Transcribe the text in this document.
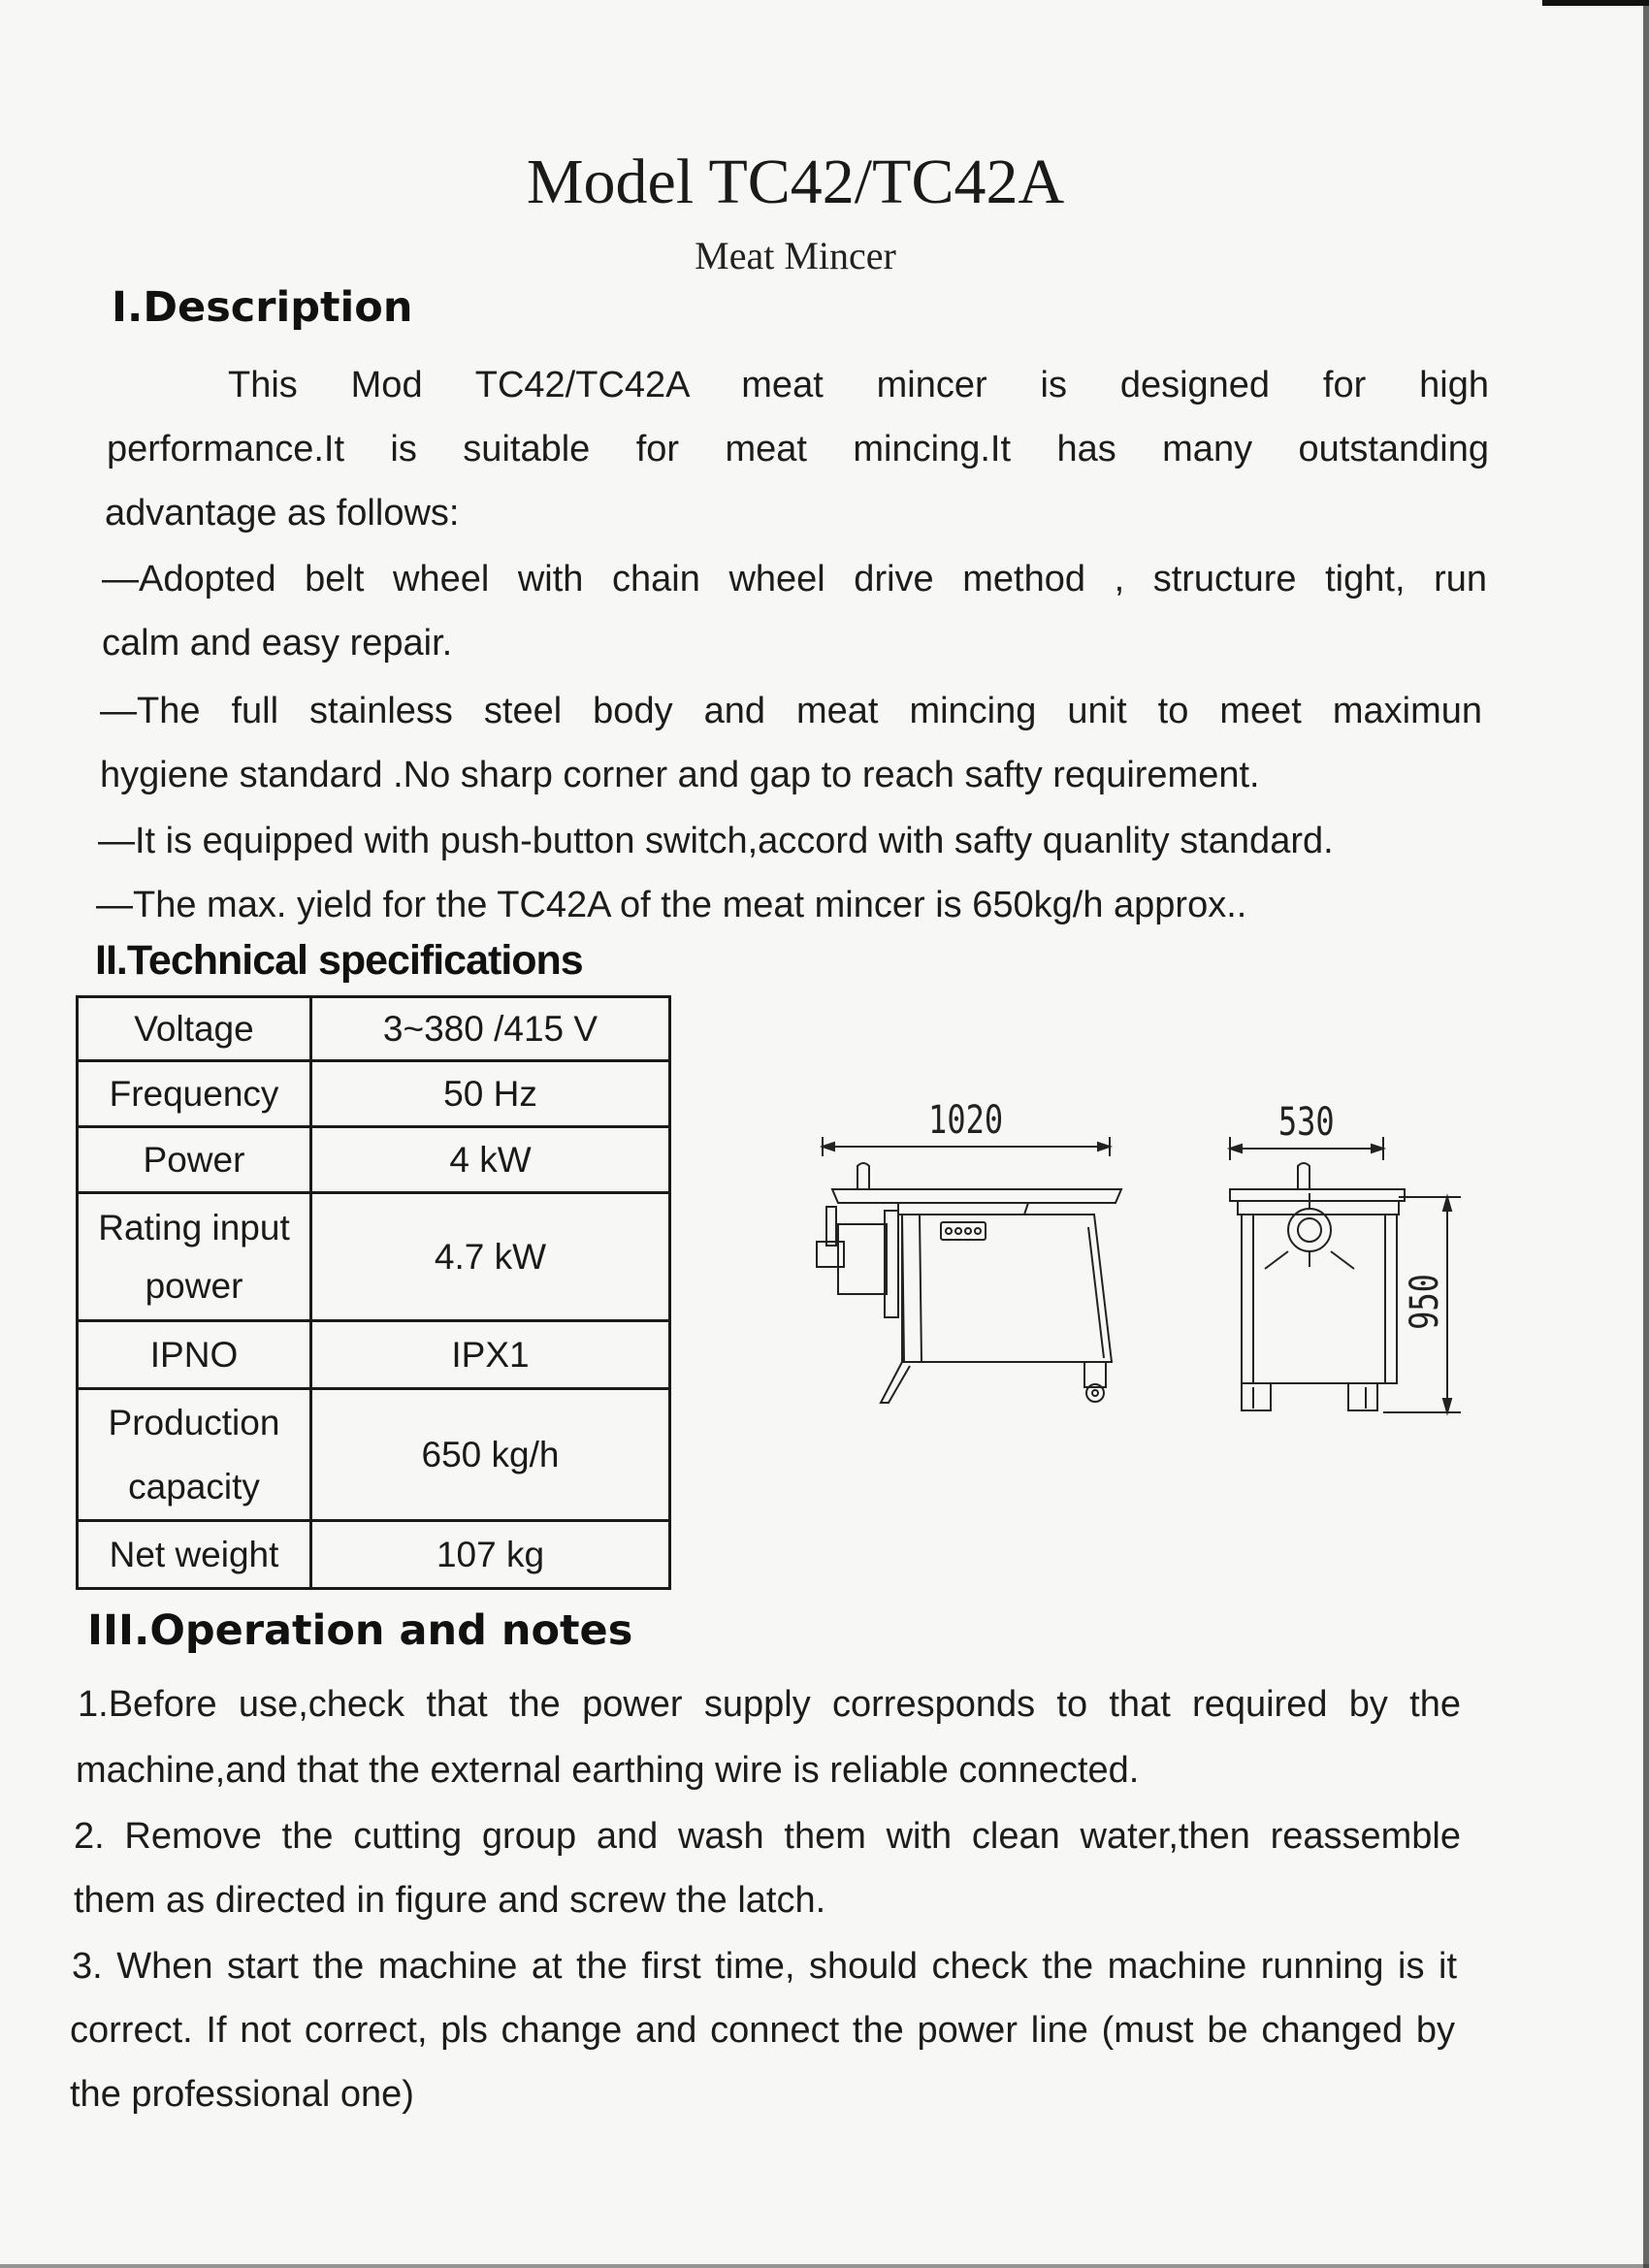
Model TC42/TC42A
Meat Mincer
I.Description
This Mod TC42/TC42A meat mincer is designed for high
performance.It is suitable for meat mincing.It has many outstanding
advantage as follows:
—Adopted belt wheel with chain wheel drive method , structure tight, run
calm and easy repair.
—The full stainless steel body and meat mincing unit to meet maximun
hygiene standard .No sharp corner and gap to reach safty requirement.
—It is equipped with push-button switch,accord with safty quanlity standard.
—The max. yield for the TC42A of the meat mincer is 650kg/h approx..
II.Technical specifications
Voltage	3~380 /415 V
Frequency	50 Hz
Power	4 kW
Rating input power	4.7 kW
IPNO	IPX1
Production capacity	650 kg/h
Net weight	107 kg
1020	530
950
III.Operation and notes
1.Before use,check that the power supply corresponds to that required by the
machine,and that the external earthing wire is reliable connected.
2. Remove the cutting group and wash them with clean water,then reassemble
them as directed in figure and screw the latch.
3. When start the machine at the first time, should check the machine running is it
correct. If not correct, pls change and connect the power line (must be changed by
the professional one)
